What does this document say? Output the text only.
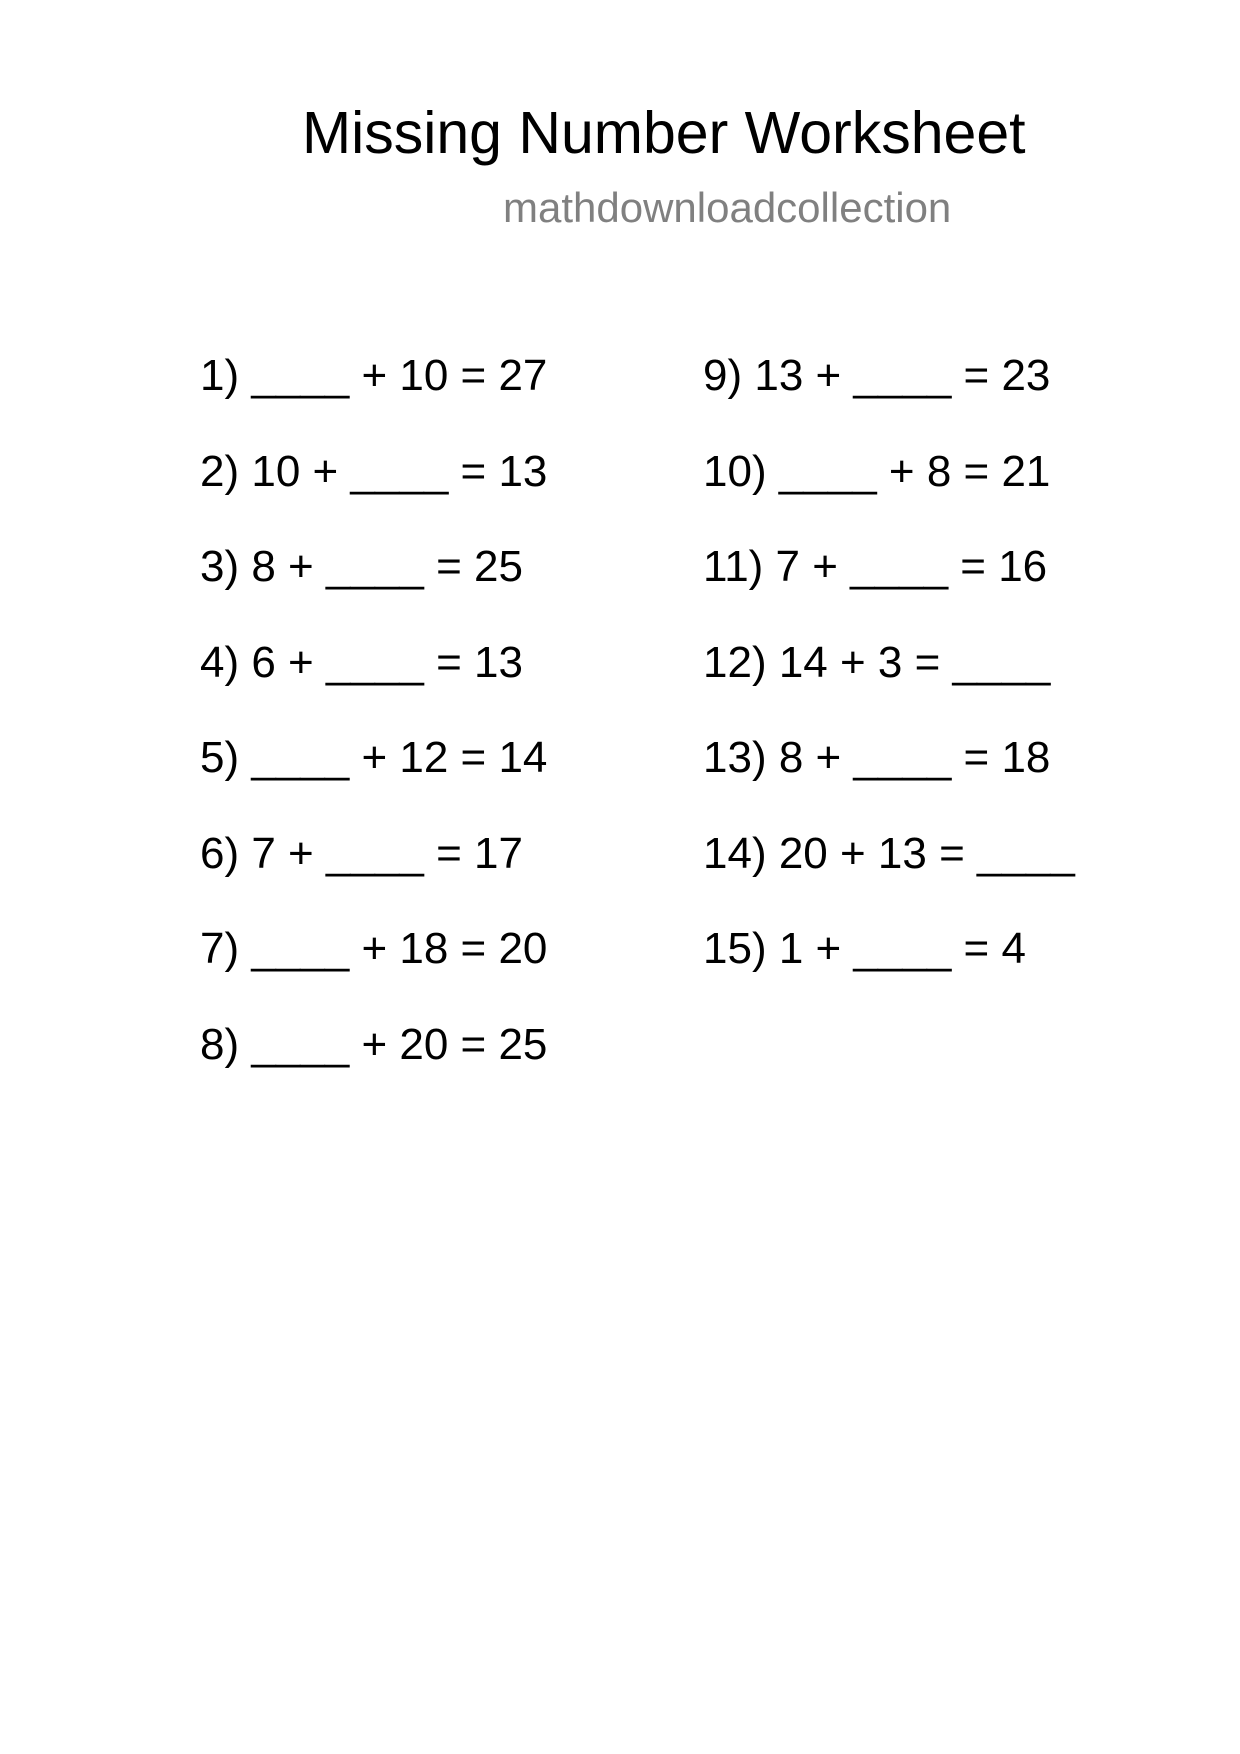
Missing Number Worksheet
mathdownloadcollection
1) ____ + 10 = 27
2) 10 + ____ = 13
3) 8 + ____ = 25
4) 6 + ____ = 13
5) ____ + 12 = 14
6) 7 + ____ = 17
7) ____ + 18 = 20
8) ____ + 20 = 25
9) 13 + ____ = 23
10) ____ + 8 = 21
11) 7 + ____ = 16
12) 14 + 3 = ____
13) 8 + ____ = 18
14) 20 + 13 = ____
15) 1 + ____ = 4
